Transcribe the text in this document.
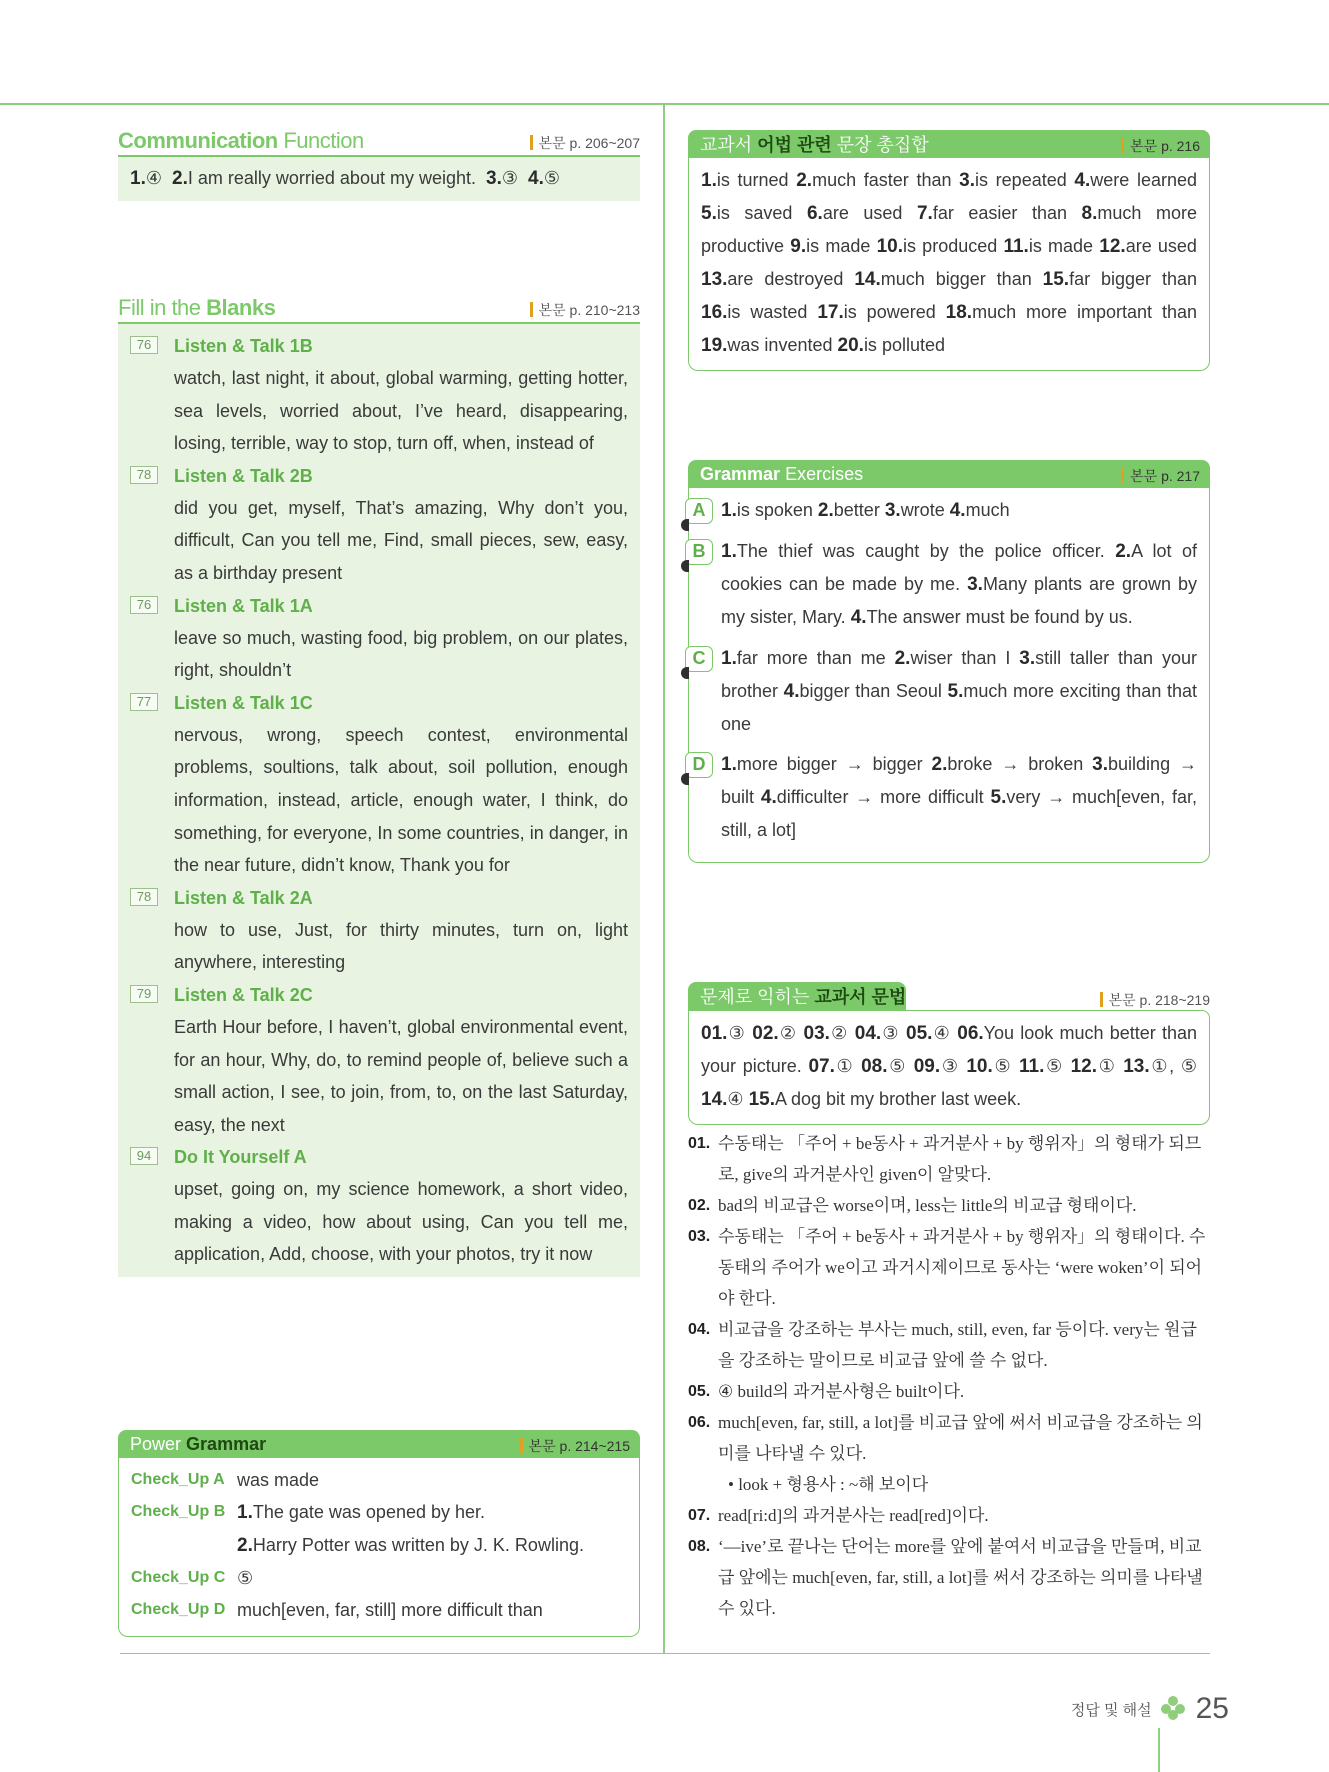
Communication Function	본문 p. 206~207
1.④ 2.I am really worried about my weight. 3.③ 4.⑤
Fill in the Blanks	본문 p. 210~213
76	Listen & Talk 1B
watch, last night, it about, global warming, getting hotter, sea levels, worried about, I’ve heard, disappearing, losing, terrible, way to stop, turn off, when, instead of
78	Listen & Talk 2B
did you get, myself, That’s amazing, Why don’t you, difficult, Can you tell me, Find, small pieces, sew, easy, as a birthday present
76	Listen & Talk 1A
leave so much, wasting food, big problem, on our plates, right, shouldn’t
77	Listen & Talk 1C
nervous, wrong, speech contest, environmental problems, soultions, talk about, soil pollution, enough information, instead, article, enough water, I think, do something, for everyone, In some countries, in danger, in the near future, didn’t know, Thank you for
78	Listen & Talk 2A
how to use, Just, for thirty minutes, turn on, light anywhere, interesting
79	Listen & Talk 2C
Earth Hour before, I haven’t, global environmental event, for an hour, Why, do, to remind people of, believe such a small action, I see, to join, from, to, on the last Saturday, easy, the next
94	Do It Yourself A
upset, going on, my science homework, a short video, making a video, how about using, Can you tell me, application, Add, choose, with your photos, try it now
Power Grammar	본문 p. 214~215
Check_Up A was made
Check_Up B 1.The gate was opened by her.
2.Harry Potter was written by J. K. Rowling.
Check_Up C ⑤
Check_Up D much[even, far, still] more difficult than
교과서 어법 관련 문장 총집합	본문 p. 216
1.is turned 2.much faster than 3.is repeated 4.were learned 5.is saved 6.are used 7.far easier than 8.much more productive 9.is made 10.is produced 11.is made 12.are used 13.are destroyed 14.much bigger than 15.far bigger than 16.is wasted 17.is powered 18.much more important than 19.was invented 20.is polluted
Grammar Exercises	본문 p. 217
A 1.is spoken 2.better 3.wrote 4.much
B 1.The thief was caught by the police officer. 2.A lot of cookies can be made by me. 3.Many plants are grown by my sister, Mary. 4.The answer must be found by us.
C 1.far more than me 2.wiser than I 3.still taller than your brother 4.bigger than Seoul 5.much more exciting than that one
D 1.more bigger → bigger 2.broke → broken 3.building → built 4.difficulter → more difficult 5.very → much[even, far, still, a lot]
문제로 익히는 교과서 문법	본문 p. 218~219
01.③ 02.② 03.② 04.③ 05.④ 06.You look much better than your picture. 07.① 08.⑤ 09.③ 10.⑤ 11.⑤ 12.① 13.①, ⑤ 14.④ 15.A dog bit my brother last week.
01. 수동태는 「주어 + be동사 + 과거분사 + by 행위자」의 형태가 되므로, give의 과거분사인 given이 알맞다.
02. bad의 비교급은 worse이며, less는 little의 비교급 형태이다.
03. 수동태는 「주어 + be동사 + 과거분사 + by 행위자」의 형태이다. 수동태의 주어가 we이고 과거시제이므로 동사는 ‘were woken’이 되어야 한다.
04. 비교급을 강조하는 부사는 much, still, even, far 등이다. very는 원급을 강조하는 말이므로 비교급 앞에 쓸 수 없다.
05. ④ build의 과거분사형은 built이다.
06. much[even, far, still, a lot]를 비교급 앞에 써서 비교급을 강조하는 의미를 나타낼 수 있다.
• look + 형용사 : ~해 보이다
07. read[ri:d]의 과거분사는 read[red]이다.
08. ‘—ive’로 끝나는 단어는 more를 앞에 붙여서 비교급을 만들며, 비교급 앞에는 much[even, far, still, a lot]를 써서 강조하는 의미를 나타낼 수 있다.
정답 및 해설 25
